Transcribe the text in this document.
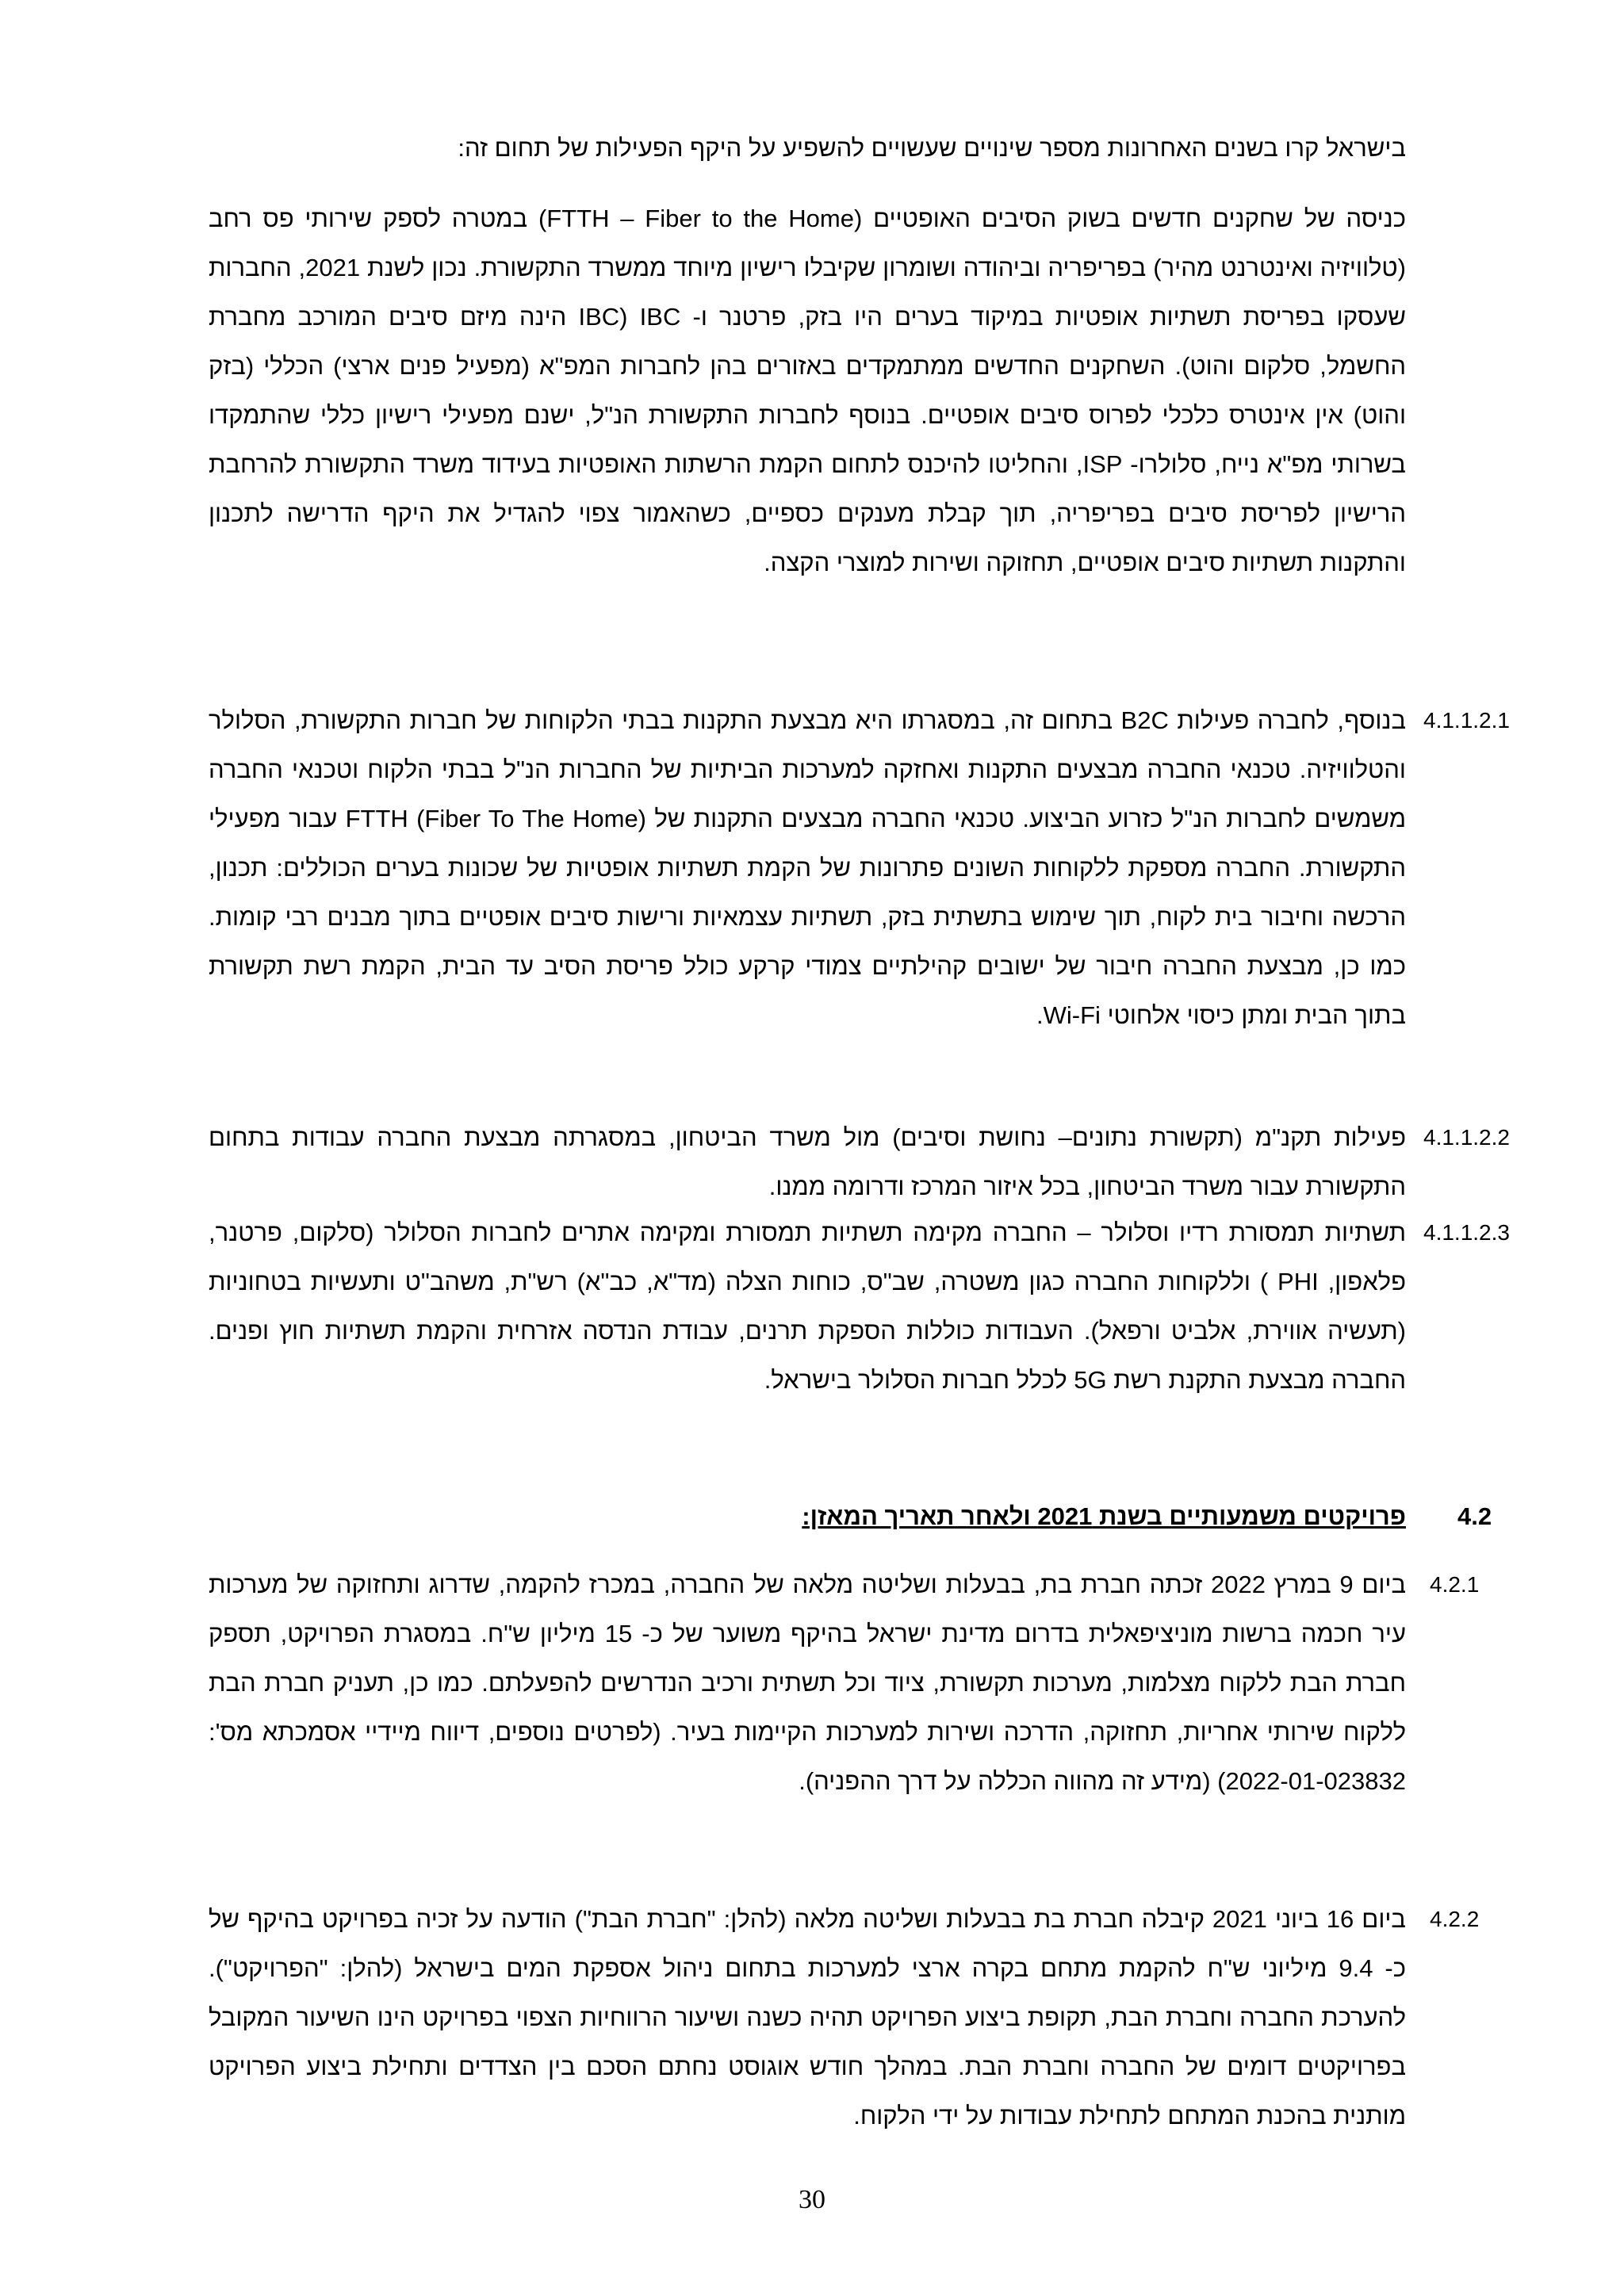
בישראל קרו בשנים האחרונות מספר שינויים שעשויים להשפיע על היקף הפעילות של תחום זה:
כניסה של שחקנים חדשים בשוק הסיבים האופטיים (FTTH – Fiber to the Home) במטרה לספק שירותי פס רחב (טלוויזיה ואינטרנט מהיר) בפריפריה וביהודה ושומרון שקיבלו רישיון מיוחד ממשרד התקשורת. נכון לשנת 2021, החברות שעסקו בפריסת תשתיות אופטיות במיקוד בערים היו בזק, פרטנר ו- IBC (IBC הינה מיזם סיבים המורכב מחברת החשמל, סלקום והוט). השחקנים החדשים ממתמקדים באזורים בהן לחברות המפ"א (מפעיל פנים ארצי) הכללי (בזק והוט) אין אינטרס כלכלי לפרוס סיבים אופטיים. בנוסף לחברות התקשורת הנ"ל, ישנם מפעילי רישיון כללי שהתמקדו בשרותי מפ"א נייח, סלולרו- ISP, והחליטו להיכנס לתחום הקמת הרשתות האופטיות בעידוד משרד התקשורת להרחבת הרישיון לפריסת סיבים בפריפריה, תוך קבלת מענקים כספיים, כשהאמור צפוי להגדיל את היקף הדרישה לתכנון והתקנות תשתיות סיבים אופטיים, תחזוקה ושירות למוצרי הקצה.
4.1.1.2.1
בנוסף, לחברה פעילות B2C בתחום זה, במסגרתו היא מבצעת התקנות בבתי הלקוחות של חברות התקשורת, הסלולר והטלוויזיה. טכנאי החברה מבצעים התקנות ואחזקה למערכות הביתיות של החברות הנ"ל בבתי הלקוח וטכנאי החברה משמשים לחברות הנ"ל כזרוע הביצוע. טכנאי החברה מבצעים התקנות של FTTH (Fiber To The Home) עבור מפעילי התקשורת. החברה מספקת ללקוחות השונים פתרונות של הקמת תשתיות אופטיות של שכונות בערים הכוללים: תכנון, הרכשה וחיבור בית לקוח, תוך שימוש בתשתית בזק, תשתיות עצמאיות ורישות סיבים אופטיים בתוך מבנים רבי קומות. כמו כן, מבצעת החברה חיבור של ישובים קהילתיים צמודי קרקע כולל פריסת הסיב עד הבית, הקמת רשת תקשורת בתוך הבית ומתן כיסוי אלחוטי Wi-Fi.
4.1.1.2.2
פעילות תקנ"מ (תקשורת נתונים– נחושת וסיבים) מול משרד הביטחון, במסגרתה מבצעת החברה עבודות בתחום התקשורת עבור משרד הביטחון, בכל איזור המרכז ודרומה ממנו.
4.1.1.2.3
תשתיות תמסורת רדיו וסלולר – החברה מקימה תשתיות תמסורת ומקימה אתרים לחברות הסלולר (סלקום, פרטנר, פלאפון, PHI ) וללקוחות החברה כגון משטרה, שב"ס, כוחות הצלה (מד"א, כב"א) רש"ת, משהב"ט ותעשיות בטחוניות (תעשיה אווירת, אלביט ורפאל). העבודות כוללות הספקת תרנים, עבודת הנדסה אזרחית והקמת תשתיות חוץ ופנים. החברה מבצעת התקנת רשת 5G לכלל חברות הסלולר בישראל.
4.2
פרויקטים משמעותיים בשנת 2021 ולאחר תאריך המאזן:
4.2.1
ביום 9 במרץ 2022 זכתה חברת בת, בבעלות ושליטה מלאה של החברה, במכרז להקמה, שדרוג ותחזוקה של מערכות עיר חכמה ברשות מוניציפאלית בדרום מדינת ישראל בהיקף משוער של כ- 15 מיליון ש"ח. במסגרת הפרויקט, תספק חברת הבת ללקוח מצלמות, מערכות תקשורת, ציוד וכל תשתית ורכיב הנדרשים להפעלתם. כמו כן, תעניק חברת הבת ללקוח שירותי אחריות, תחזוקה, הדרכה ושירות למערכות הקיימות בעיר. (לפרטים נוספים, דיווח מיידיי אסמכתא מס': 2022-01-023832) (מידע זה מהווה הכללה על דרך ההפניה).
4.2.2
ביום 16 ביוני 2021 קיבלה חברת בת בבעלות ושליטה מלאה (להלן: "חברת הבת") הודעה על זכיה בפרויקט בהיקף של כ- 9.4 מיליוני ש"ח להקמת מתחם בקרה ארצי למערכות בתחום ניהול אספקת המים בישראל (להלן: "הפרויקט"). להערכת החברה וחברת הבת, תקופת ביצוע הפרויקט תהיה כשנה ושיעור הרווחיות הצפוי בפרויקט הינו השיעור המקובל בפרויקטים דומים של החברה וחברת הבת. במהלך חודש אוגוסט נחתם הסכם בין הצדדים ותחילת ביצוע הפרויקט מותנית בהכנת המתחם לתחילת עבודות על ידי הלקוח.
30
